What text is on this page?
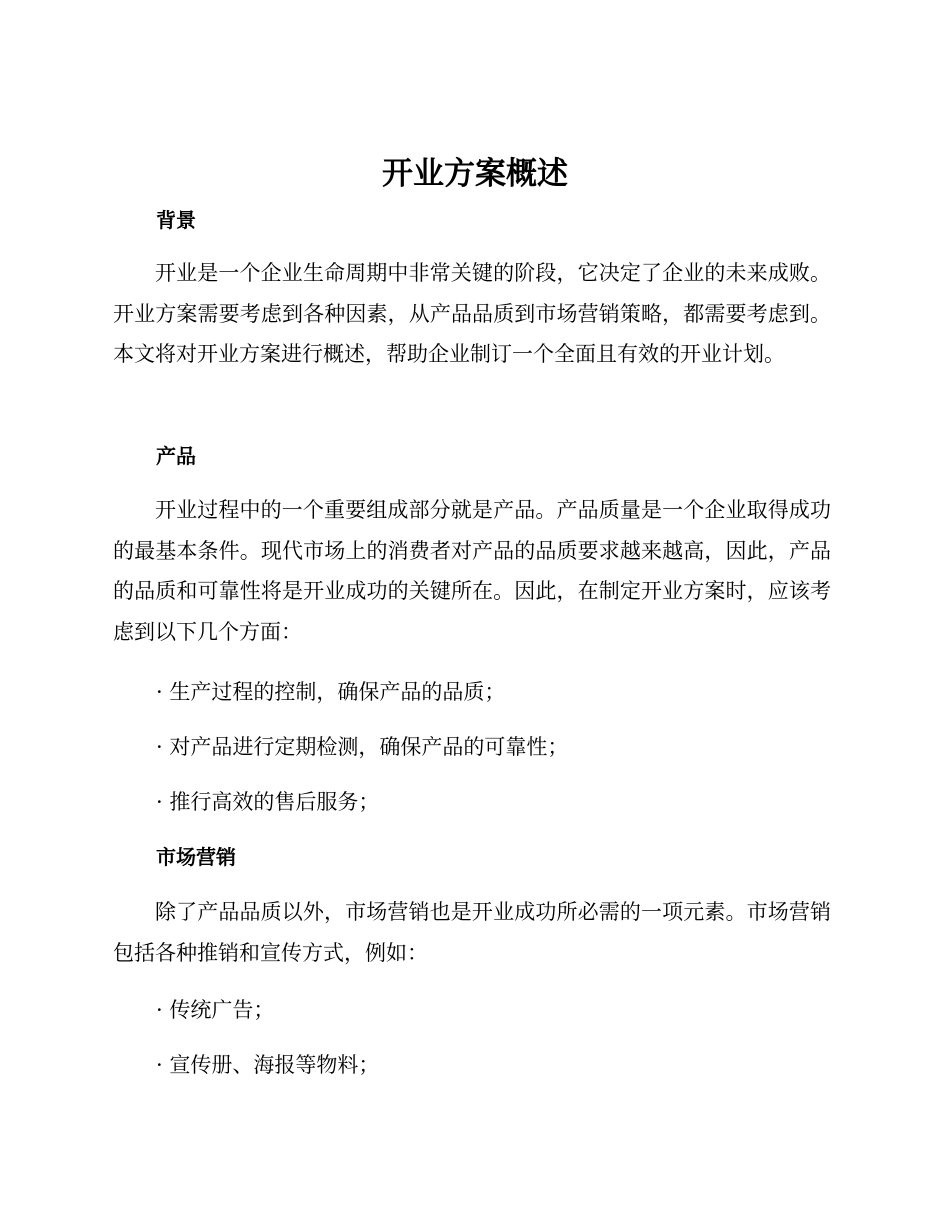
开业方案概述
背景

开业是一个企业生命周期中非常关键的阶段，它决定了企业的未来成败。开业方案需要考虑到各种因素，从产品品质到市场营销策略，都需要考虑到。本文将对开业方案进行概述，帮助企业制订一个全面且有效的开业计划。

产品

开业过程中的一个重要组成部分就是产品。产品质量是一个企业取得成功的最基本条件。现代市场上的消费者对产品的品质要求越来越高，因此，产品的品质和可靠性将是开业成功的关键所在。因此，在制定开业方案时，应该考虑到以下几个方面：

· 生产过程的控制，确保产品的品质；

· 对产品进行定期检测，确保产品的可靠性；

· 推行高效的售后服务；

市场营销

除了产品品质以外，市场营销也是开业成功所必需的一项元素。市场营销包括各种推销和宣传方式，例如：

· 传统广告；

· 宣传册、海报等物料；
